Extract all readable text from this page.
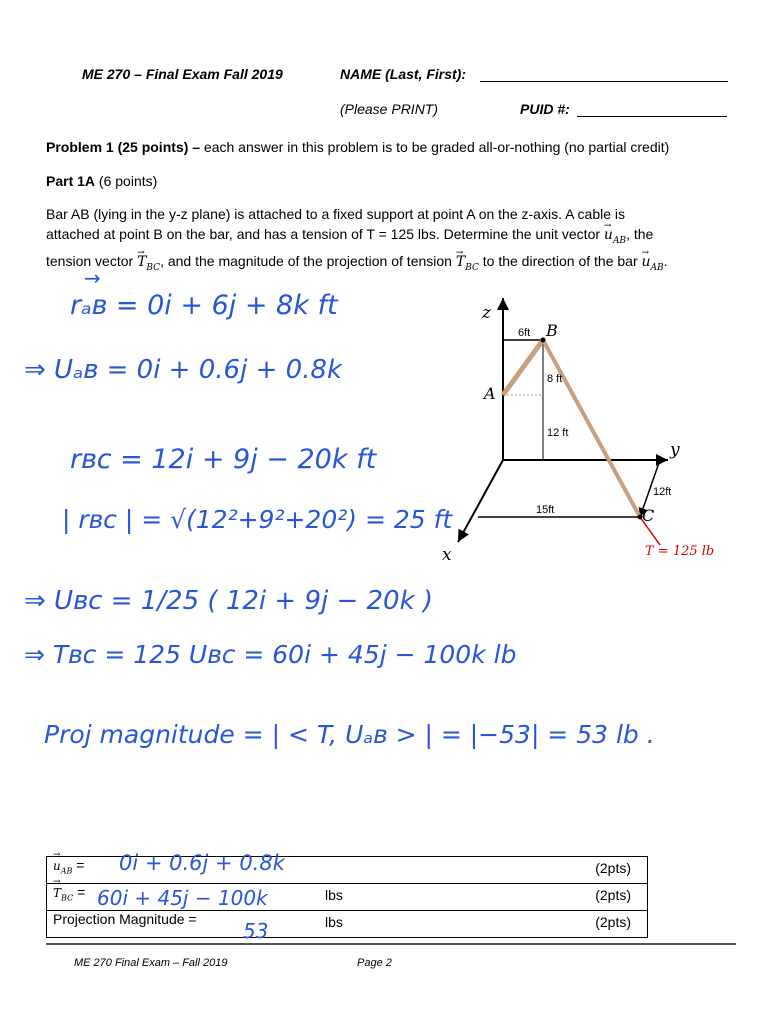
ME 270 – Final Exam Fall 2019	NAME (Last, First):
(Please PRINT)	PUID #:
Problem 1 (25 points) – each answer in this problem is to be graded all-or-nothing (no partial credit)
Part 1A (6 points)
Bar AB (lying in the y-z plane) is attached to a fixed support at point A on the z-axis. A cable is
attached at point B on the bar, and has a tension of T = 125 lbs. Determine the unit vector → $u_{AB}$, the
tension vector → $T_{BC}$, and the magnitude of the projection of tension → $T_{BC}$ to the direction of the bar → $u_{AB}$.
→
rₐʙ = 0i + 6j + 8k ft
⇒ Uₐʙ = 0i + 0.6j + 0.8k
rʙc = 12i + 9j − 20k ft
| rʙc | = √(12²+9²+20²) = 25 ft
⇒ Uʙc = 1/25 ( 12i + 9j − 20k )
⇒ Tʙc = 125 Uʙc = 60i + 45j − 100k lb
Proj magnitude = | < T, Uₐʙ > | = |−53| = 53 lb .
z
y
x
A
B
C
6ft
8 ft
12 ft
12ft
15ft
T = 125 lb
→ $u_{AB} = 0i + 0.6j + 0.8k$	(2pts)

→ $T_{BC} = 60i + 45j - 100k$	lbs	(2pts)

Projection Magnitude = 53	lbs	(2pts)
ME 270 Final Exam – Fall 2019	Page 2
